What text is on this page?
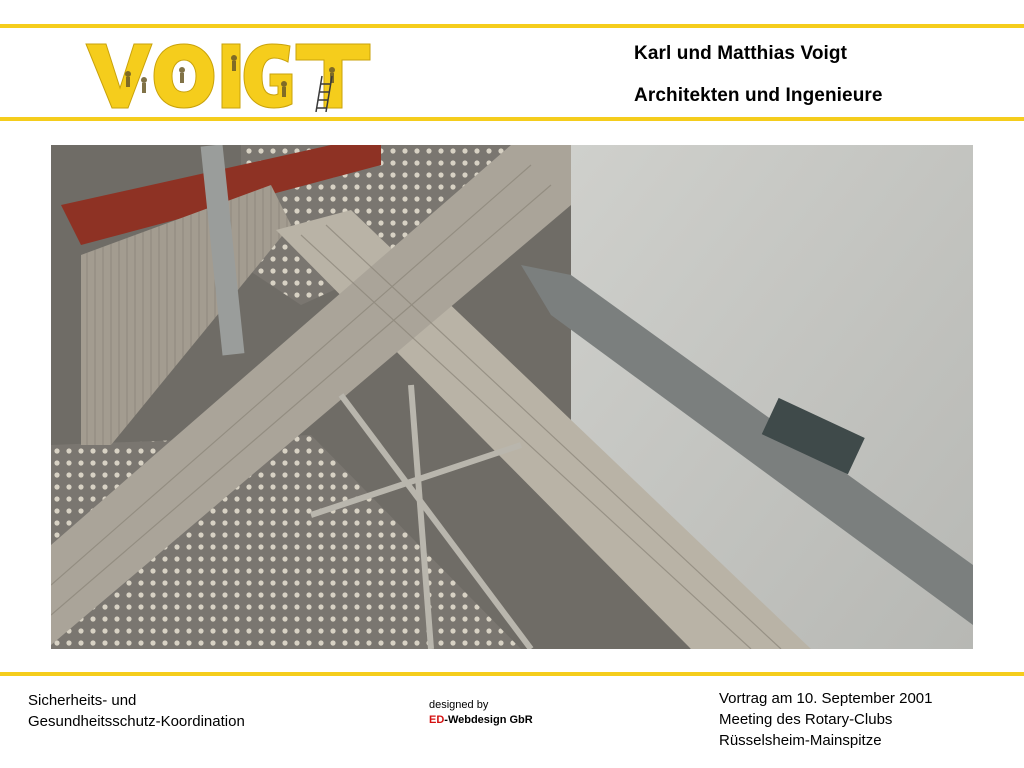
Karl und Matthias Voigt
Architekten und Ingenieure
Sicherheits- und
Gesundheitsschutz-Koordination
designed by
ED-Webdesign GbR
Vortrag am 10. September 2001
Meeting des Rotary-Clubs
Rüsselsheim-Mainspitze
